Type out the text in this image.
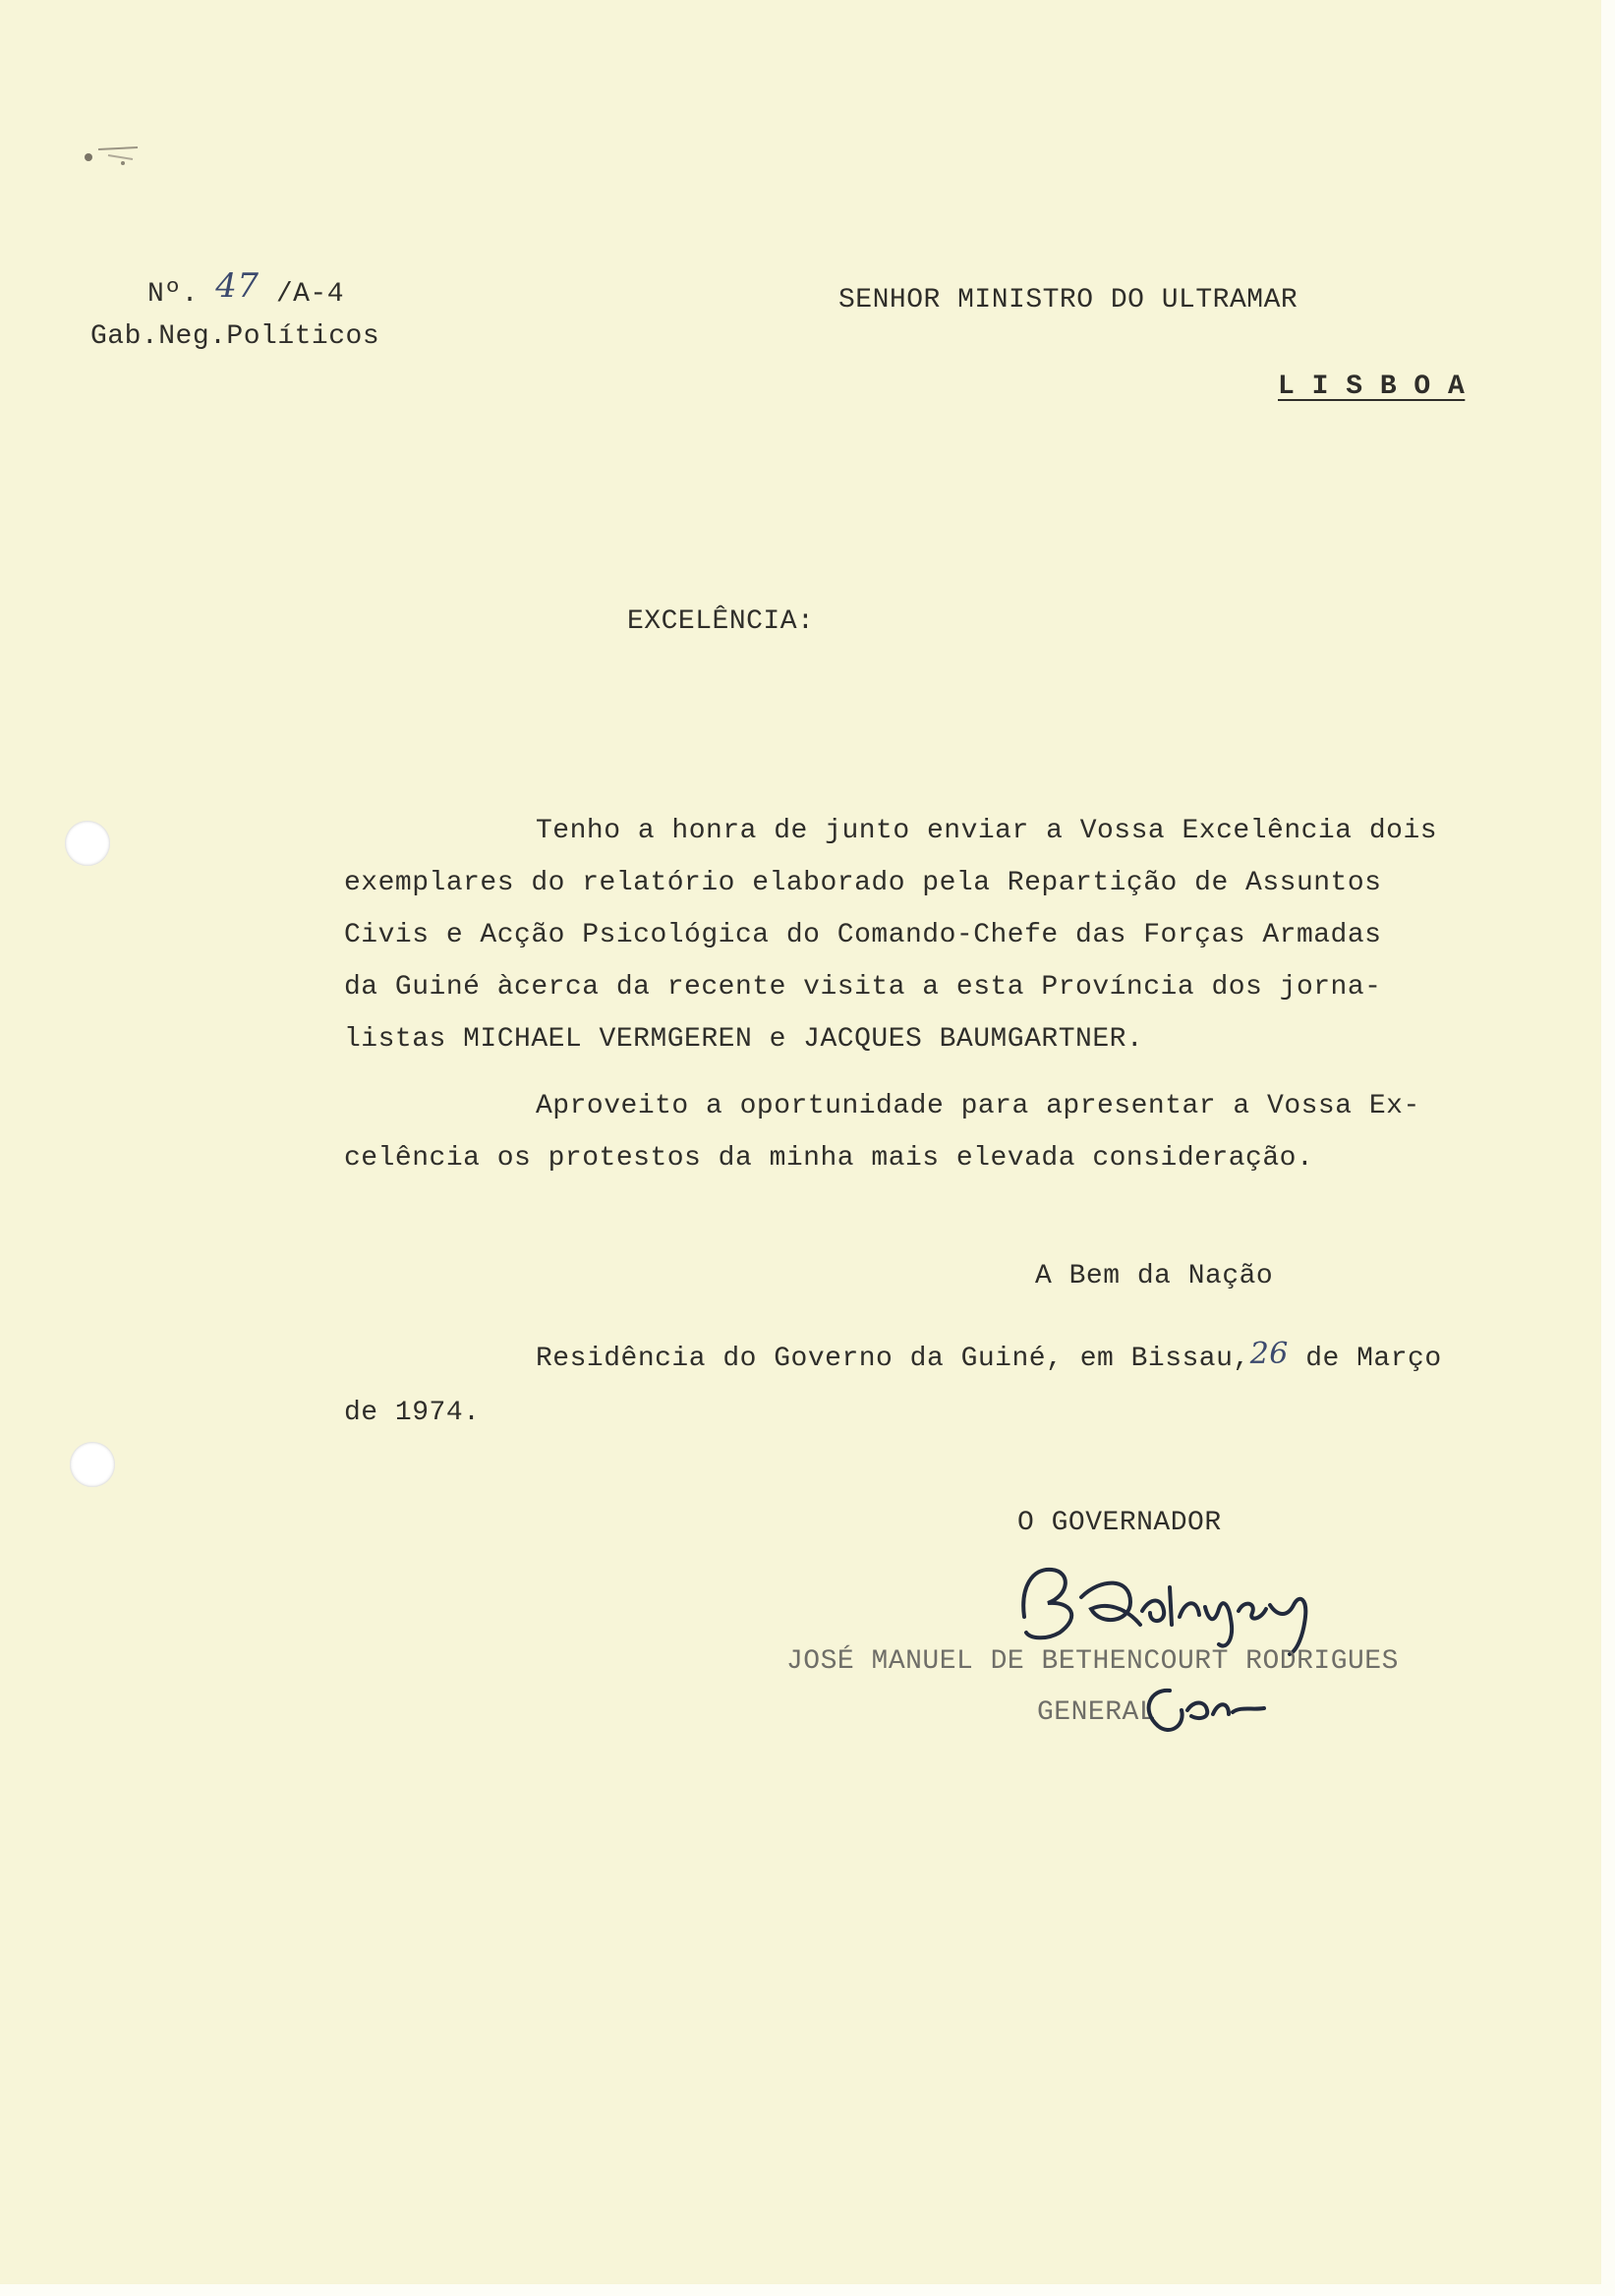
Nº. 47 /A-4
Gab.Neg.Políticos
SENHOR MINISTRO DO ULTRAMAR
L I S B O A
EXCELÊNCIA:
Tenho a honra de junto enviar a Vossa Excelência dois
exemplares do relatório elaborado pela Repartição de Assuntos
Civis e Acção Psicológica do Comando-Chefe das Forças Armadas
da Guiné àcerca da recente visita a esta Província dos jorna-
listas MICHAEL VERMGEREN e JACQUES BAUMGARTNER.
Aproveito a oportunidade para apresentar a Vossa Ex-
celência os protestos da minha mais elevada consideração.
A Bem da Nação
Residência do Governo da Guiné, em Bissau,26 de Março
de 1974.
O GOVERNADOR
JOSÉ MANUEL DE BETHENCOURT RODRIGUES
GENERAL
